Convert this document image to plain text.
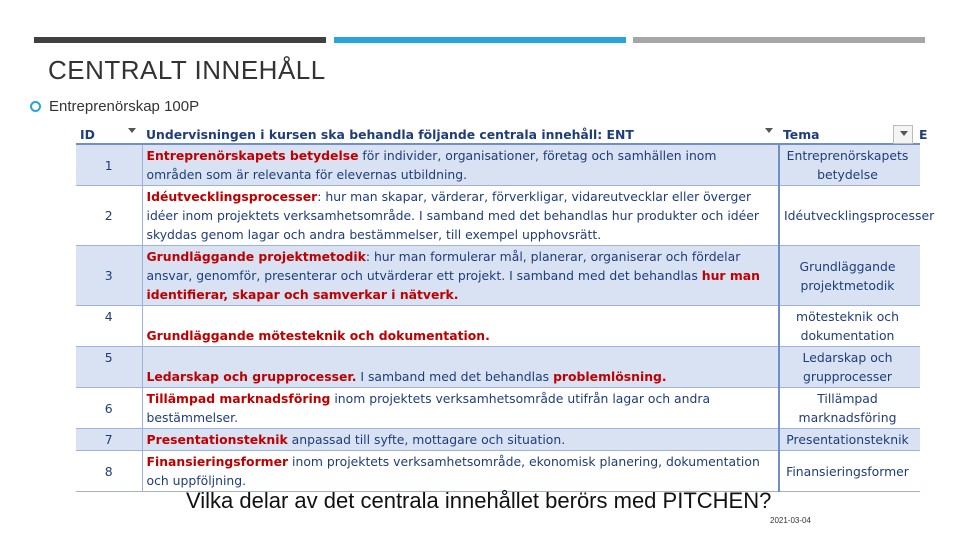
CENTRALT INNEHÅLL
Entreprenörskap 100P
ID	Undervisningen i kursen ska behandla följande centrala innehåll: ENT	Tema	E
1	Entreprenörskapets betydelse för individer, organisationer, företag och samhällen inom områden som är relevanta för elevernas utbildning.	Entreprenörskapets betydelse	
2	Idéutvecklingsprocesser: hur man skapar, värderar, förverkligar, vidareutvecklar eller överger idéer inom projektets verksamhetsområde. I samband med det behandlas hur produkter och idéer skyddas genom lagar och andra bestämmelser, till exempel upphovsrätt.	Idéutvecklingsprocesser	
3	Grundläggande projektmetodik: hur man formulerar mål, planerar, organiserar och fördelar ansvar, genomför, presenterar och utvärderar ett projekt. I samband med det behandlas hur man identifierar, skapar och samverkar i nätverk.	Grundläggande projektmetodik	
4	Grundläggande mötesteknik och dokumentation.	mötesteknik och dokumentation	
5	Ledarskap och grupprocesser. I samband med det behandlas problemlösning.	Ledarskap och grupprocesser	
6	Tillämpad marknadsföring inom projektets verksamhetsområde utifrån lagar och andra bestämmelser.	Tillämpad marknadsföring	
7	Presentationsteknik anpassad till syfte, mottagare och situation.	Presentationsteknik	
8	Finansieringsformer inom projektets verksamhetsområde, ekonomisk planering, dokumentation och uppföljning.	Finansieringsformer	
Vilka delar av det centrala innehållet berörs med PITCHEN?
2021-03-04
